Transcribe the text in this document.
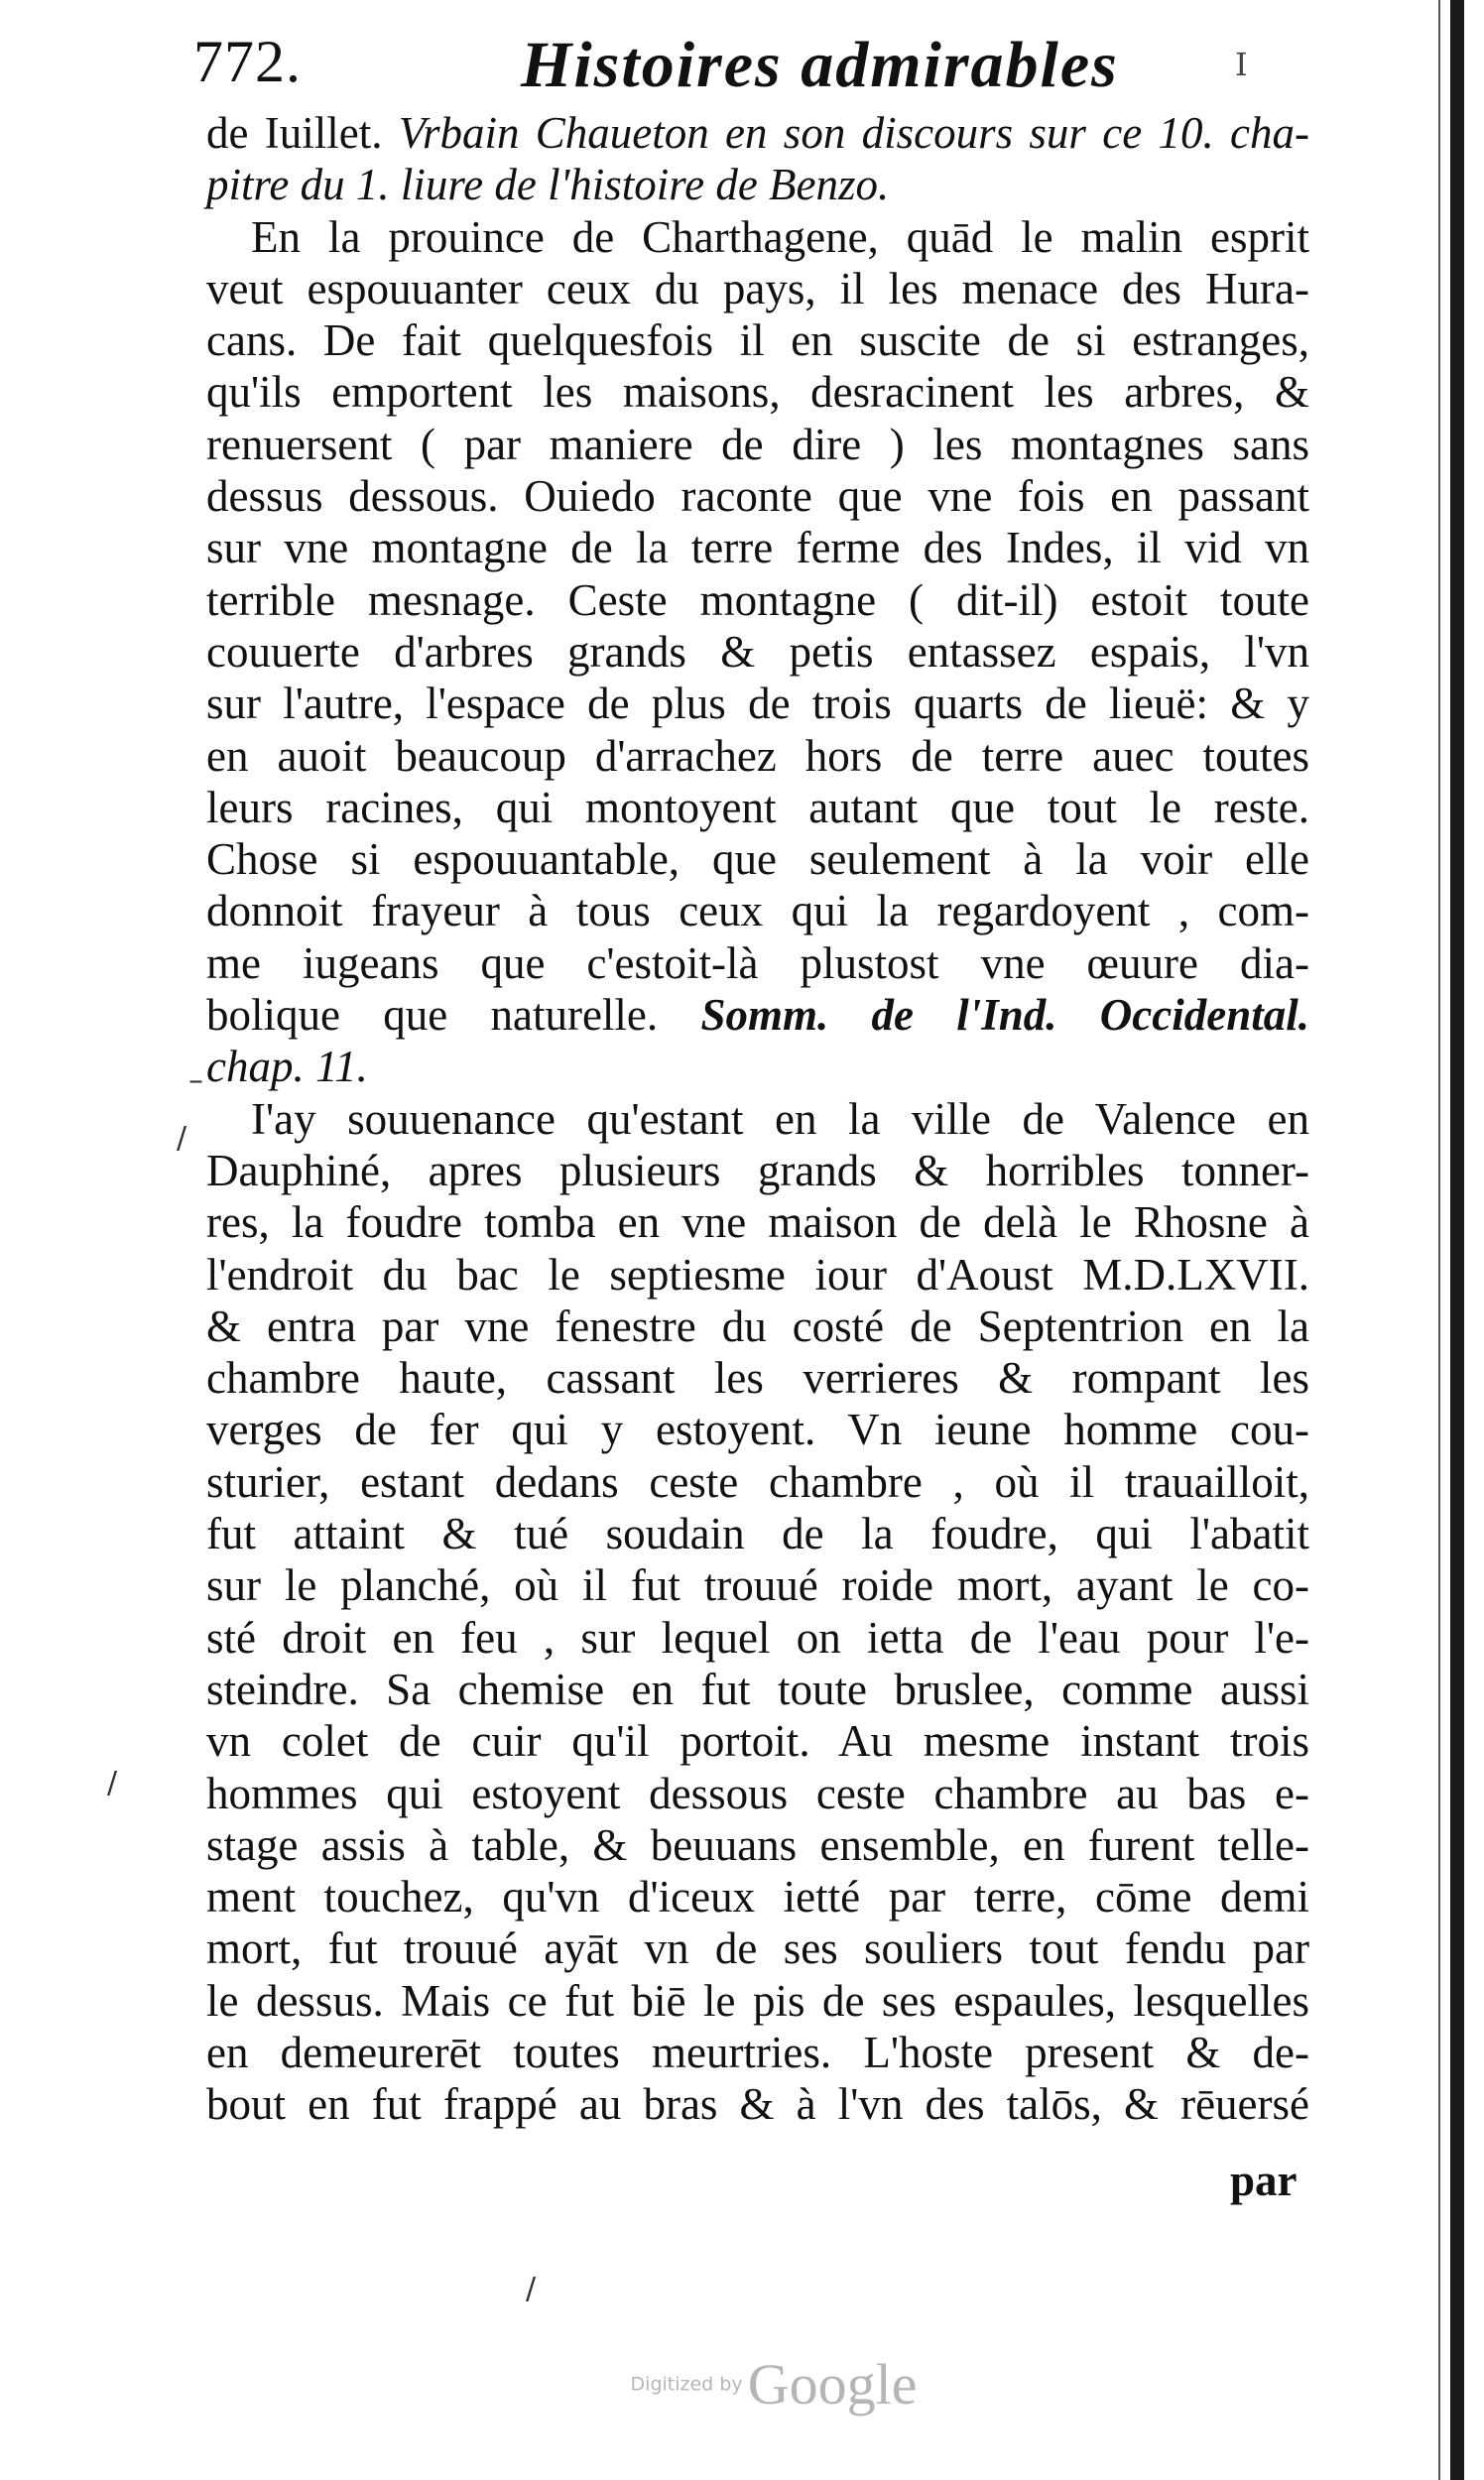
772.	Histoires admirables	I
de Iuillet. Vrbain Chaueton en son discours sur ce 10. cha-
pitre du 1. liure de l'histoire de Benzo.
En la prouince de Charthagene, quād le malin esprit
veut espouuanter ceux du pays, il les menace des Hura-
cans. De fait quelquesfois il en suscite de si estranges,
qu'ils emportent les maisons, desracinent les arbres, &
renuersent ( par maniere de dire ) les montagnes sans
dessus dessous. Ouiedo raconte que vne fois en passant
sur vne montagne de la terre ferme des Indes, il vid vn
terrible mesnage. Ceste montagne ( dit-il) estoit toute
couuerte d'arbres grands & petis entassez espais, l'vn
sur l'autre, l'espace de plus de trois quarts de lieuë: & y
en auoit beaucoup d'arrachez hors de terre auec toutes
leurs racines, qui montoyent autant que tout le reste.
Chose si espouuantable, que seulement à la voir elle
donnoit frayeur à tous ceux qui la regardoyent , com-
me iugeans que c'estoit-là plustost vne œuure dia-
bolique que naturelle. Somm. de l'Ind. Occidental.
chap. 11.
I'ay souuenance qu'estant en la ville de Valence en
Dauphiné, apres plusieurs grands & horribles tonner-
res, la foudre tomba en vne maison de delà le Rhosne à
l'endroit du bac le septiesme iour d'Aoust M.D.LXVII.
& entra par vne fenestre du costé de Septentrion en la
chambre haute, cassant les verrieres & rompant les
verges de fer qui y estoyent. Vn ieune homme cou-
sturier, estant dedans ceste chambre , où il trauailloit,
fut attaint & tué soudain de la foudre, qui l'abatit
sur le planché, où il fut trouué roide mort, ayant le co-
sté droit en feu , sur lequel on ietta de l'eau pour l'e-
steindre. Sa chemise en fut toute bruslee, comme aussi
vn colet de cuir qu'il portoit. Au mesme instant trois
hommes qui estoyent dessous ceste chambre au bas e-
stage assis à table, & beuuans ensemble, en furent telle-
ment touchez, qu'vn d'iceux ietté par terre, cōme demi
mort, fut trouué ayāt vn de ses souliers tout fendu par
le dessus. Mais ce fut biē le pis de ses espaules, lesquelles
en demeurerēt toutes meurtries. L'hoste present & de-
bout en fut frappé au bras & à l'vn des talōs, & rēuersé
par
–
/
/
/
Digitized by Google
